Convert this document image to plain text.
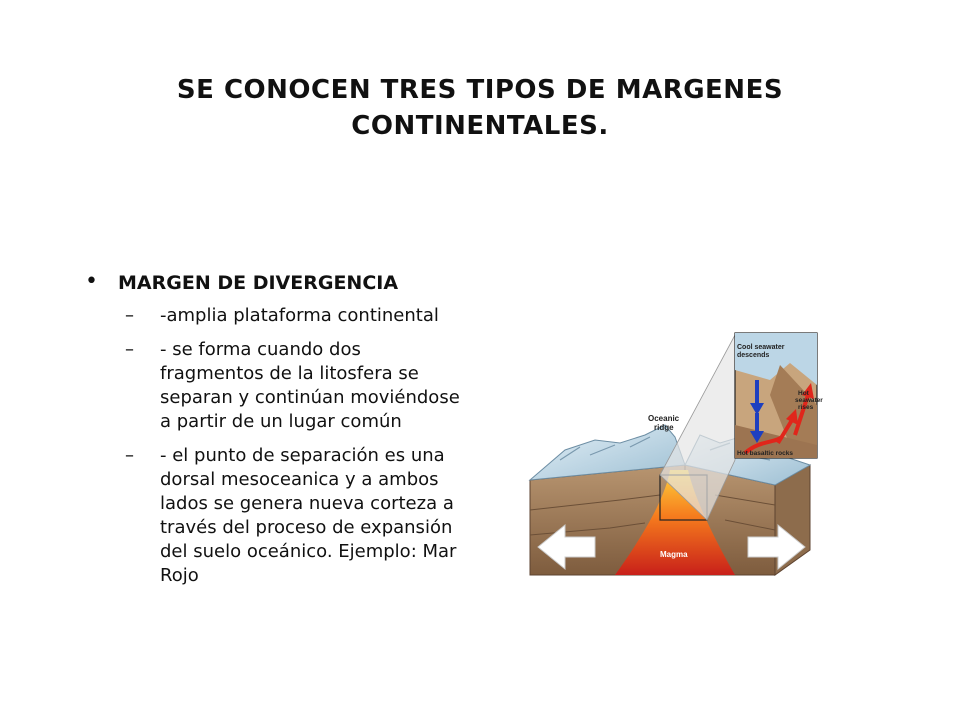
SE CONOCEN TRES TIPOS DE MARGENES
CONTINENTALES.
•	MARGEN DE DIVERGENCIA
–	-amplia plataforma continental
–	- se forma cuando dos fragmentos de la litosfera se separan y continúan moviéndose a partir de un lugar común
–	- el punto de separación es una dorsal mesoceanica y a ambos lados se genera nueva corteza a través del proceso de expansión del suelo oceánico. Ejemplo: Mar Rojo
Oceanic ridge
Magma
Cool seawater descends
Hot seawater rises
Hot basaltic rocks
